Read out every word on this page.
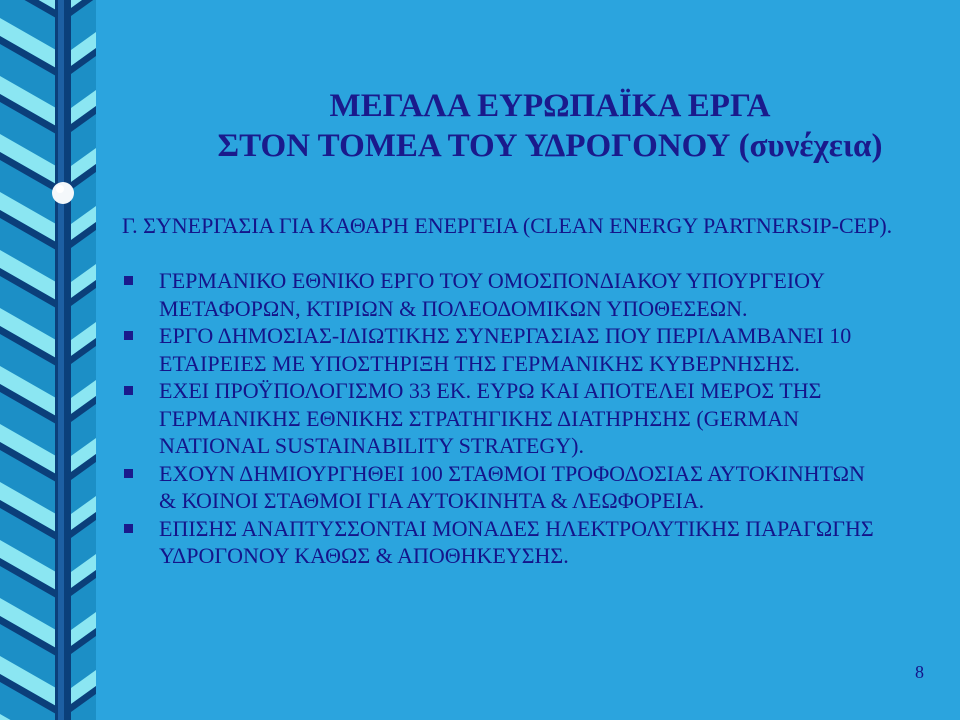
ΜΕΓΑΛΑ ΕΥΡΩΠΑΪΚΑ ΕΡΓΑ
ΣΤΟΝ ΤΟΜΕΑ ΤΟΥ ΥΔΡΟΓΟΝΟΥ (συνέχεια)
Γ. ΣΥΝΕΡΓΑΣΙΑ ΓΙΑ ΚΑΘΑΡΗ ΕΝΕΡΓΕΙΑ (CLEAN ENERGY PARTNERSIP-CEP).
ΓΕΡΜΑΝΙΚΟ ΕΘΝΙΚΟ ΕΡΓΟ ΤΟΥ ΟΜΟΣΠΟΝΔΙΑΚΟΥ ΥΠΟΥΡΓΕΙΟΥ ΜΕΤΑΦΟΡΩΝ, ΚΤΙΡΙΩΝ & ΠΟΛΕΟΔΟΜΙΚΩΝ ΥΠΟΘΕΣΕΩΝ.
ΕΡΓΟ ΔΗΜΟΣΙΑΣ-ΙΔΙΩΤΙΚΗΣ ΣΥΝΕΡΓΑΣΙΑΣ ΠΟΥ ΠΕΡΙΛΑΜΒΑΝΕΙ 10 ΕΤΑΙΡΕΙΕΣ ΜΕ ΥΠΟΣΤΗΡΙΞΗ ΤΗΣ ΓΕΡΜΑΝΙΚΗΣ ΚΥΒΕΡΝΗΣΗΣ.
ΕΧΕΙ ΠΡΟΫΠΟΛΟΓΙΣΜΟ 33 ΕΚ. ΕΥΡΩ ΚΑΙ ΑΠΟΤΕΛΕΙ ΜΕΡΟΣ ΤΗΣ ΓΕΡΜΑΝΙΚΗΣ ΕΘΝΙΚΗΣ ΣΤΡΑΤΗΓΙΚΗΣ ΔΙΑΤΗΡΗΣΗΣ (GERMAN NATIONAL SUSTAINABILITY STRATEGY).
ΕΧΟΥΝ ΔΗΜΙΟΥΡΓΗΘΕΙ 100 ΣΤΑΘΜΟΙ ΤΡΟΦΟΔΟΣΙΑΣ ΑΥΤΟΚΙΝΗΤΩΝ & ΚΟΙΝΟΙ ΣΤΑΘΜΟΙ ΓΙΑ ΑΥΤΟΚΙΝΗΤΑ & ΛΕΩΦΟΡΕΙΑ.
ΕΠΙΣΗΣ ΑΝΑΠΤΥΣΣΟΝΤΑΙ ΜΟΝΑΔΕΣ ΗΛΕΚΤΡΟΛΥΤΙΚΗΣ ΠΑΡΑΓΩΓΗΣ ΥΔΡΟΓΟΝΟΥ ΚΑΘΩΣ & ΑΠΟΘΗΚΕΥΣΗΣ.
8
